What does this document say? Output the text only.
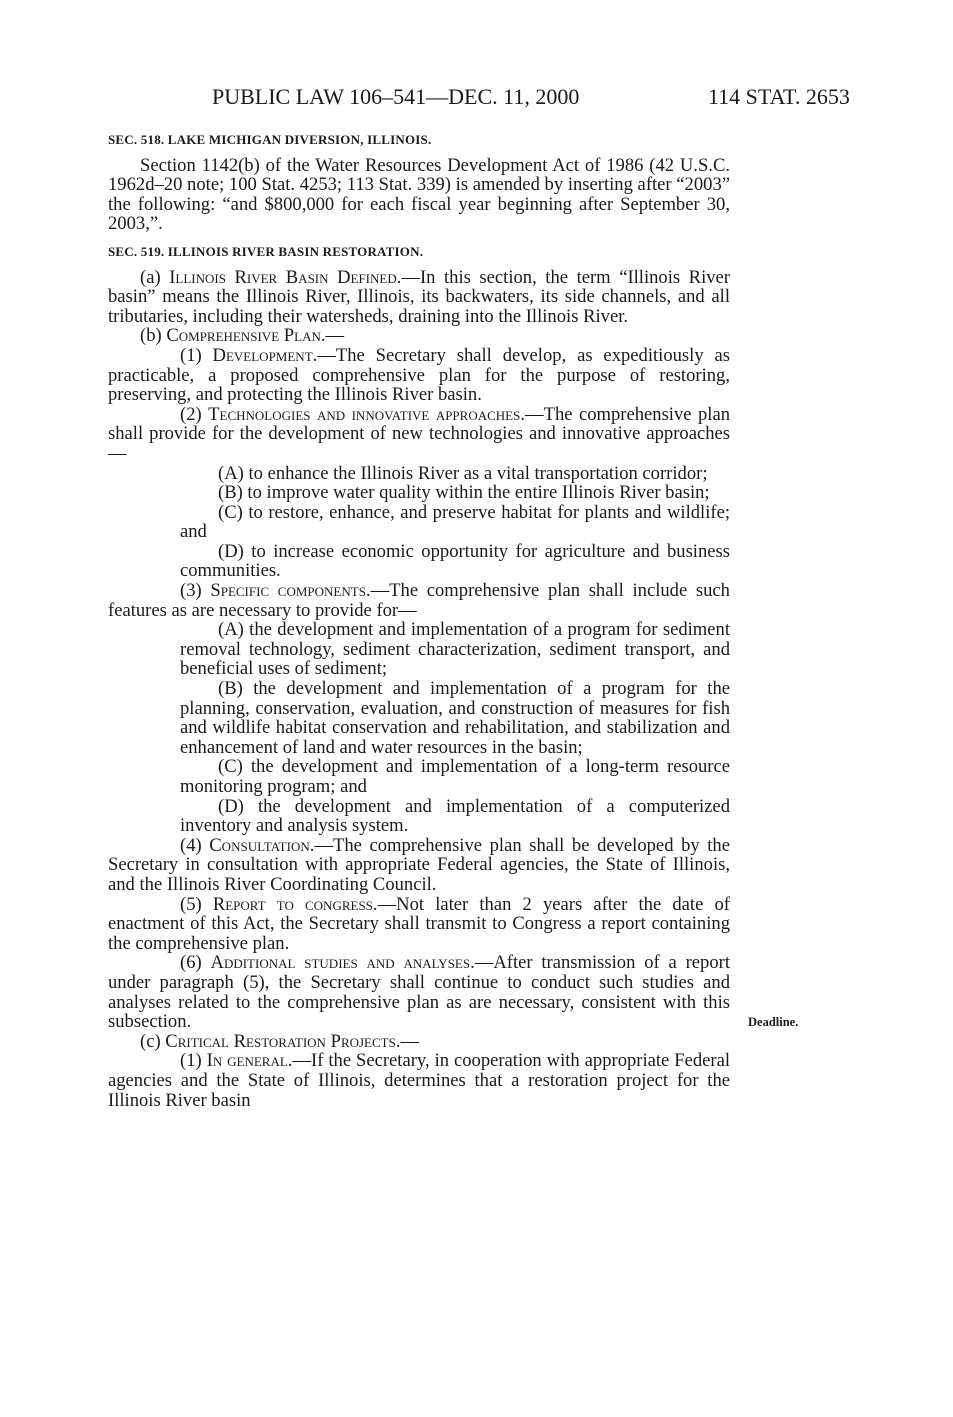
PUBLIC LAW 106–541—DEC. 11, 2000	114 STAT. 2653
SEC. 518. LAKE MICHIGAN DIVERSION, ILLINOIS.

Section 1142(b) of the Water Resources Development Act of 1986 (42 U.S.C. 1962d–20 note; 100 Stat. 4253; 113 Stat. 339) is amended by inserting after “2003” the following: “and $800,000 for each fiscal year beginning after September 30, 2003,”.

SEC. 519. ILLINOIS RIVER BASIN RESTORATION.

(a) Illinois River Basin Defined.—In this section, the term “Illinois River basin” means the Illinois River, Illinois, its backwaters, its side channels, and all tributaries, including their watersheds, draining into the Illinois River.

(b) Comprehensive Plan.—

(1) Development.—The Secretary shall develop, as expeditiously as practicable, a proposed comprehensive plan for the purpose of restoring, preserving, and protecting the Illinois River basin.

(2) Technologies and innovative approaches.—The comprehensive plan shall provide for the development of new technologies and innovative approaches—

(A) to enhance the Illinois River as a vital transportation corridor;

(B) to improve water quality within the entire Illinois River basin;

(C) to restore, enhance, and preserve habitat for plants and wildlife; and

(D) to increase economic opportunity for agriculture and business communities.

(3) Specific components.—The comprehensive plan shall include such features as are necessary to provide for—

(A) the development and implementation of a program for sediment removal technology, sediment characterization, sediment transport, and beneficial uses of sediment;

(B) the development and implementation of a program for the planning, conservation, evaluation, and construction of measures for fish and wildlife habitat conservation and rehabilitation, and stabilization and enhancement of land and water resources in the basin;

(C) the development and implementation of a long-term resource monitoring program; and

(D) the development and implementation of a computerized inventory and analysis system.

(4) Consultation.—The comprehensive plan shall be developed by the Secretary in consultation with appropriate Federal agencies, the State of Illinois, and the Illinois River Coordinating Council.

(5) Report to congress.—Not later than 2 years after the date of enactment of this Act, the Secretary shall transmit to Congress a report containing the comprehensive plan.

(6) Additional studies and analyses.—After transmission of a report under paragraph (5), the Secretary shall continue to conduct such studies and analyses related to the comprehensive plan as are necessary, consistent with this subsection.

(c) Critical Restoration Projects.—

(1) In general.—If the Secretary, in cooperation with appropriate Federal agencies and the State of Illinois, determines that a restoration project for the Illinois River basin

Deadline.
